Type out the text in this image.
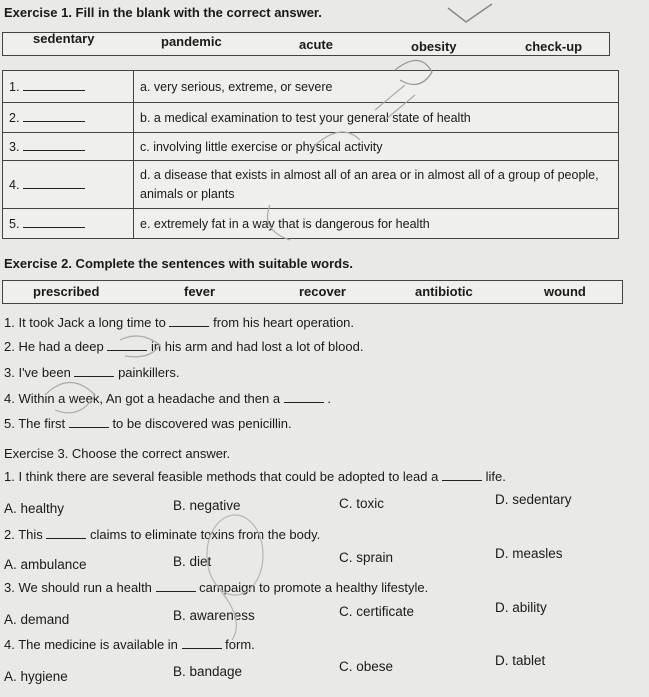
Exercise 1. Fill in the blank with the correct answer.
sedentary	pandemic	acute	obesity	check-up
1.	a. very serious, extreme, or severe
2.	b. a medical examination to test your general state of health
3.	c. involving little exercise or physical activity
4.	d. a disease that exists in almost all of an area or in almost all of a group of people, animals or plants
5.	e. extremely fat in a way that is dangerous for health
Exercise 2. Complete the sentences with suitable words.
prescribed	fever	recover	antibiotic	wound
1. It took Jack a long time to	from his heart operation.
2. He had a deep	in his arm and had lost a lot of blood.
3. I've been	painkillers.
4. Within a week, An got a headache and then a	.
5. The first	to be discovered was penicillin.
Exercise 3. Choose the correct answer.
1. I think there are several feasible methods that could be adopted to lead a	life.
A. healthy	B. negative	C. toxic	D. sedentary
2. This	claims to eliminate toxins from the body.
A. ambulance	B. diet	C. sprain	D. measles
3. We should run a health	campaign to promote a healthy lifestyle.
A. demand	B. awareness	C. certificate	D. ability
4. The medicine is available in	form.
A. hygiene	B. bandage	C. obese	D. tablet
